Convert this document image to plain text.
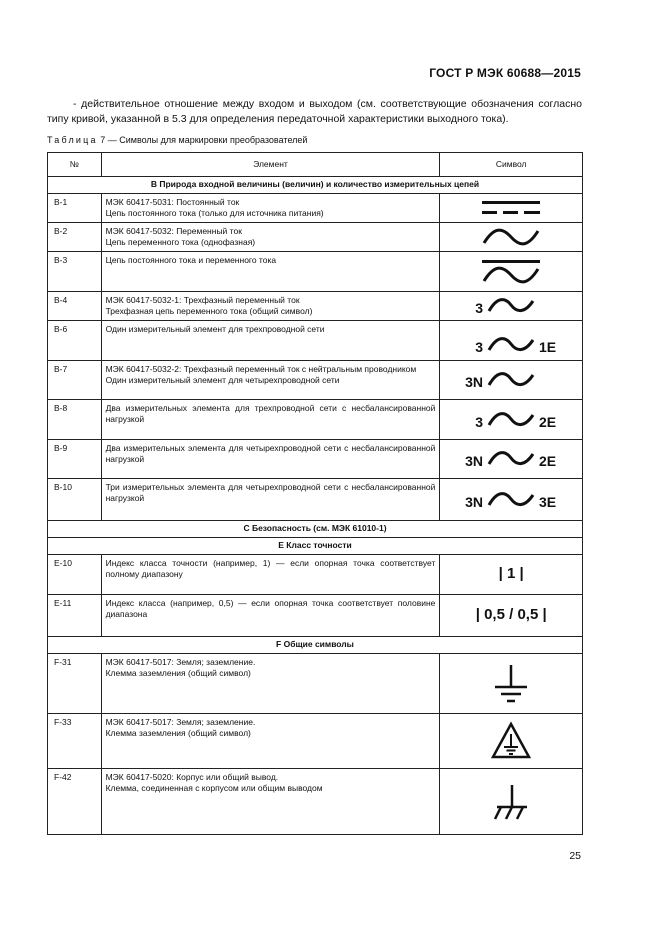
ГОСТ Р МЭК 60688—2015
- действительное отношение между входом и выходом (см. соответствующие обозначения согласно типу кривой, указанной в 5.3 для определения передаточной характеристики выходного тока).
Таблица 7 — Символы для маркировки преобразователей
№	Элемент	Символ
B Природа входной величины (величин) и количество измерительных цепей		
B-1	МЭК 60417-5031: Постоянный ток
Цепь постоянного тока (только для источника питания)

B-2	МЭК 60417-5032: Переменный ток
Цепь переменного тока (однофазная)

B-3	Цепь постоянного тока и переменного тока

B-4	МЭК 60417-5032-1: Трехфазный переменный ток
Трехфазная цепь переменного тока (общий символ)	3

B-6	Один измерительный элемент для трехпроводной сети	3 1E

B-7	МЭК 60417-5032-2: Трехфазный переменный ток с нейтральным проводником
Один измерительный элемент для четырехпроводной сети	3N

B-8	Два измерительных элемента для трехпроводной сети с несбалансированной нагрузкой	3 2E

B-9	Два измерительных элемента для четырехпроводной сети с несбалансированной нагрузкой	3N 2E

B-10	Три измерительных элемента для четырехпроводной сети с несбалансированной нагрузкой	3N 3E

C Безопасность (см. МЭК 61010-1)		
E Класс точности		
E-10	Индекс класса точности (например, 1) — если опорная точка соответствует полному диапазону	| 1 |
E-11	Индекс класса (например, 0,5) — если опорная точка соответствует половине диапазона	| 0,5 / 0,5 |
F Общие символы		
F-31	МЭК 60417-5017: Земля; заземление.
Клемма заземления (общий символ)

F-33	МЭК 60417-5017: Земля; заземление.
Клемма заземления (общий символ)

F-42	МЭК 60417-5020: Корпус или общий вывод.
Клемма, соединенная с корпусом или общим выводом

25
